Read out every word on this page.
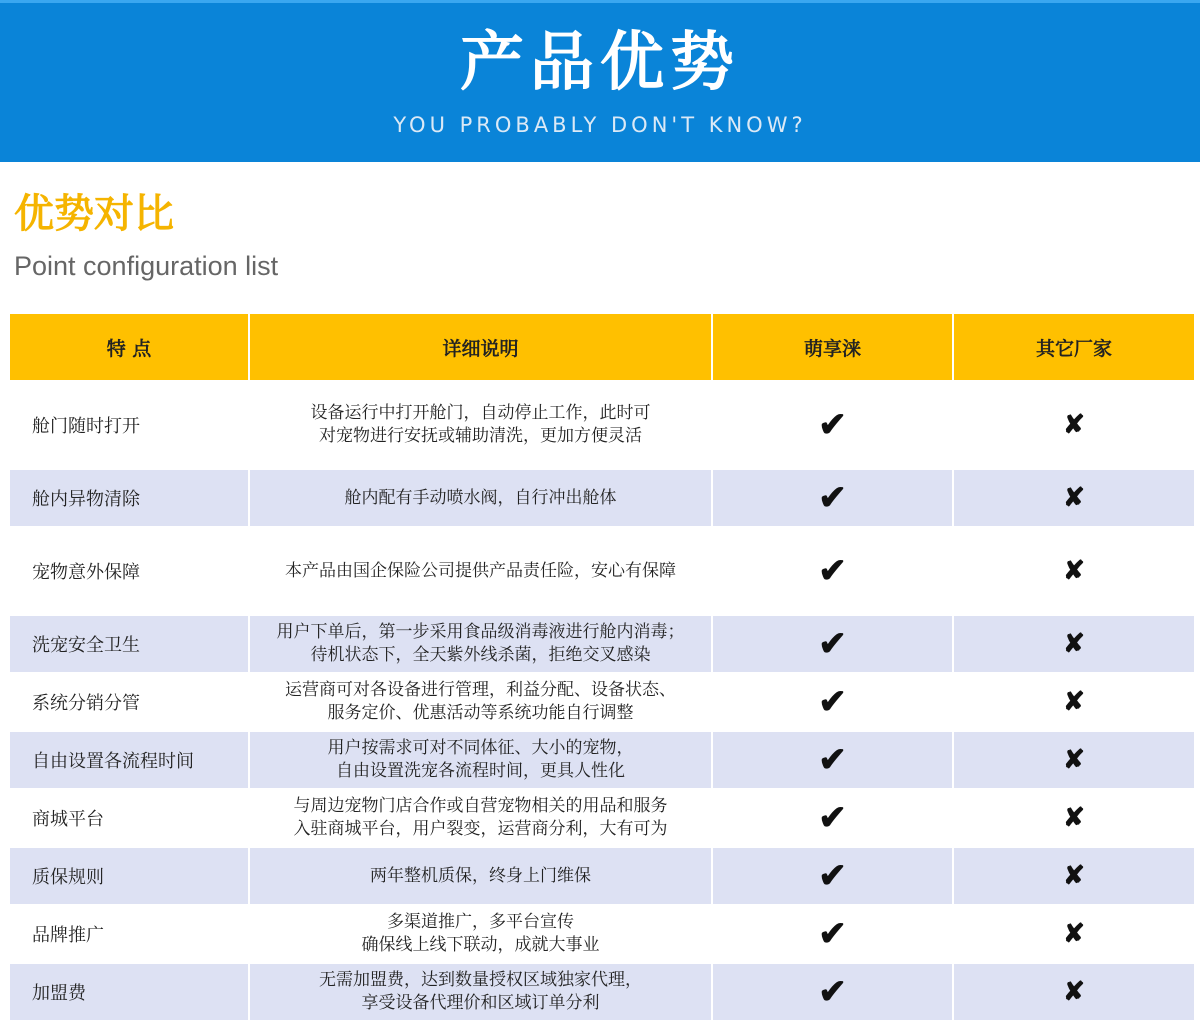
产品优势
YOU PROBABLY DON'T KNOW?
优势对比
Point configuration list
特 点	详细说明	萌享涞	其它厂家
舱门随时打开	设备运行中打开舱门，自动停止工作，此时可
对宠物进行安抚或辅助清洗，更加方便灵活	✔	✘
舱内异物清除	舱内配有手动喷水阀，自行冲出舱体	✔	✘
宠物意外保障	本产品由国企保险公司提供产品责任险，安心有保障	✔	✘
洗宠安全卫生	用户下单后，第一步采用食品级消毒液进行舱内消毒；
待机状态下，全天紫外线杀菌，拒绝交叉感染	✔	✘
系统分销分管	运营商可对各设备进行管理，利益分配、设备状态、
服务定价、优惠活动等系统功能自行调整	✔	✘
自由设置各流程时间	用户按需求可对不同体征、大小的宠物，
自由设置洗宠各流程时间，更具人性化	✔	✘
商城平台	与周边宠物门店合作或自营宠物相关的用品和服务
入驻商城平台，用户裂变，运营商分利，大有可为	✔	✘
质保规则	两年整机质保，终身上门维保	✔	✘
品牌推广	多渠道推广，多平台宣传
确保线上线下联动，成就大事业	✔	✘
加盟费	无需加盟费，达到数量授权区域独家代理，
享受设备代理价和区域订单分利	✔	✘
